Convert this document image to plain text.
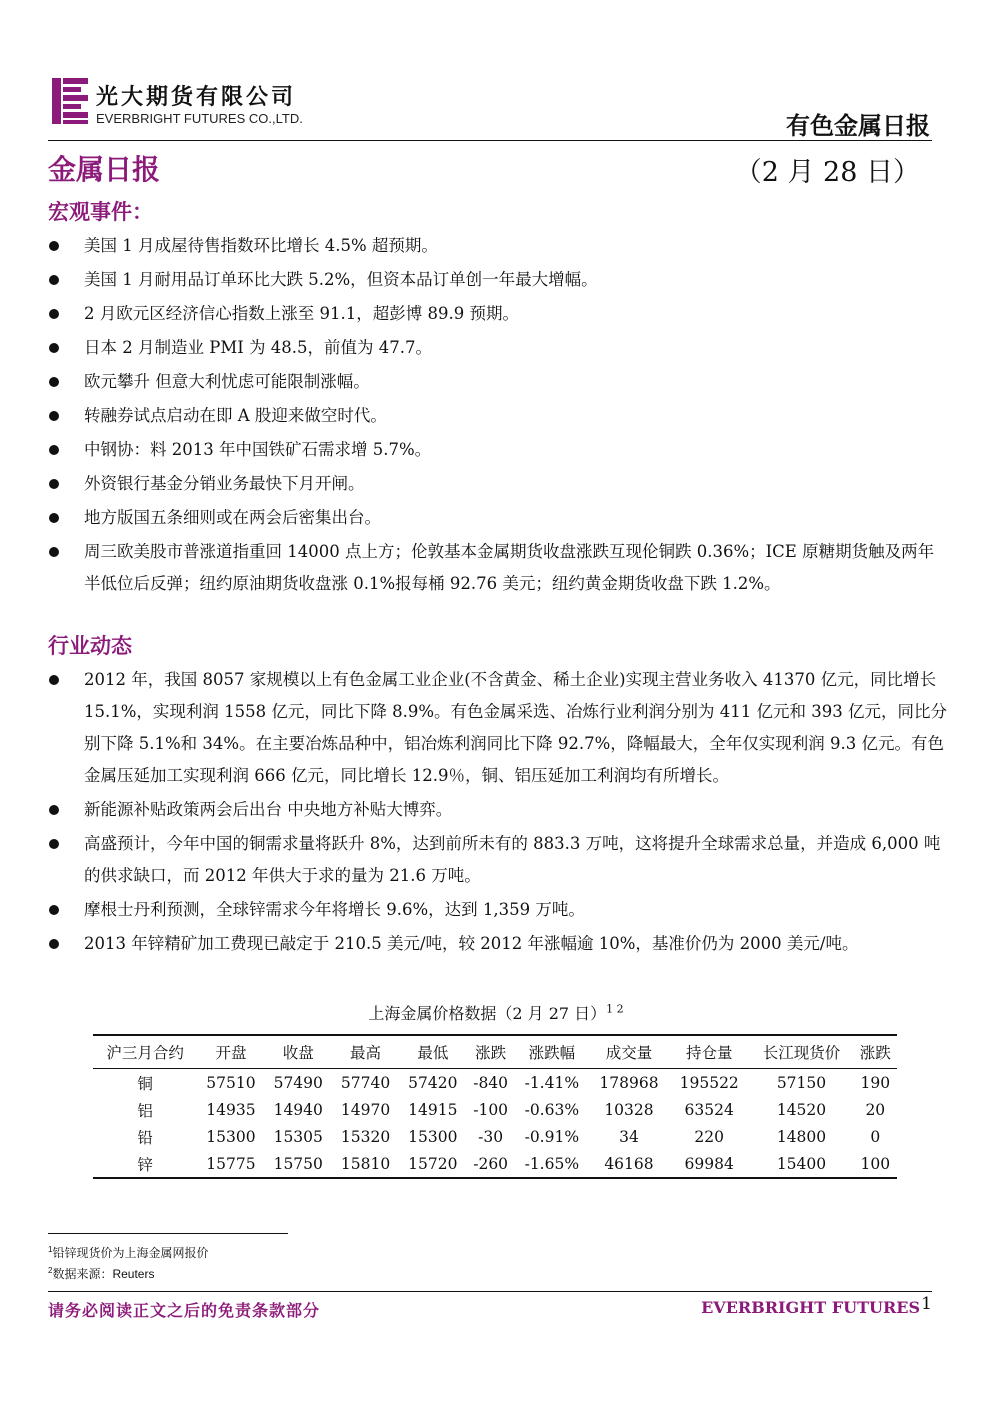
光大期货有限公司
EVERBRIGHT FUTURES CO.,LTD.	有色金属日报
金属日报	（2 月 28 日）
宏观事件：
美国 1 月成屋待售指数环比增长 4.5% 超预期。
美国 1 月耐用品订单环比大跌 5.2%，但资本品订单创一年最大增幅。
2 月欧元区经济信心指数上涨至 91.1，超彭博 89.9 预期。
日本 2 月制造业 PMI 为 48.5，前值为 47.7。
欧元攀升 但意大利忧虑可能限制涨幅。
转融券试点启动在即 A 股迎来做空时代。
中钢协：料 2013 年中国铁矿石需求增 5.7%。
外资银行基金分销业务最快下月开闸。
地方版国五条细则或在两会后密集出台。
周三欧美股市普涨道指重回 14000 点上方；伦敦基本金属期货收盘涨跌互现伦铜跌 0.36%；ICE 原糖期货触及两年半低位后反弹；纽约原油期货收盘涨 0.1%报每桶 92.76 美元；纽约黄金期货收盘下跌 1.2%。
行业动态
2012 年，我国 8057 家规模以上有色金属工业企业(不含黄金、稀土企业)实现主营业务收入 41370 亿元，同比增长 15.1%，实现利润 1558 亿元，同比下降 8.9%。有色金属采选、冶炼行业利润分别为 411 亿元和 393 亿元，同比分别下降 5.1%和 34%。在主要冶炼品种中，铝冶炼利润同比下降 92.7%，降幅最大，全年仅实现利润 9.3 亿元。有色金属压延加工实现利润 666 亿元，同比增长 12.9％，铜、铝压延加工利润均有所增长。
新能源补贴政策两会后出台 中央地方补贴大博弈。
高盛预计，今年中国的铜需求量将跃升 8%，达到前所未有的 883.3 万吨，这将提升全球需求总量，并造成 6,000 吨的供求缺口，而 2012 年供大于求的量为 21.6 万吨。
摩根士丹利预测，全球锌需求今年将增长 9.6%，达到 1,359 万吨。
2013 年锌精矿加工费现已敲定于 210.5 美元/吨，较 2012 年涨幅逾 10%，基准价仍为 2000 美元/吨。
上海金属价格数据（2 月 27 日）$^{1 2}$
沪三月合约	开盘	收盘	最高	最低	涨跌	涨跌幅	成交量	持仓量	长江现货价	涨跌
铜	57510	57490	57740	57420	-840	-1.41%	178968	195522	57150	190
铝	14935	14940	14970	14915	-100	-0.63%	10328	63524	14520	20
铅	15300	15305	15320	15300	-30	-0.91%	34	220	14800	0
锌	15775	15750	15810	15720	-260	-1.65%	46168	69984	15400	100
$^1$铅锌现货价为上海金属网报价
$^2$数据来源：Reuters
请务必阅读正文之后的免责条款部分	EVERBRIGHT FUTURES 1
